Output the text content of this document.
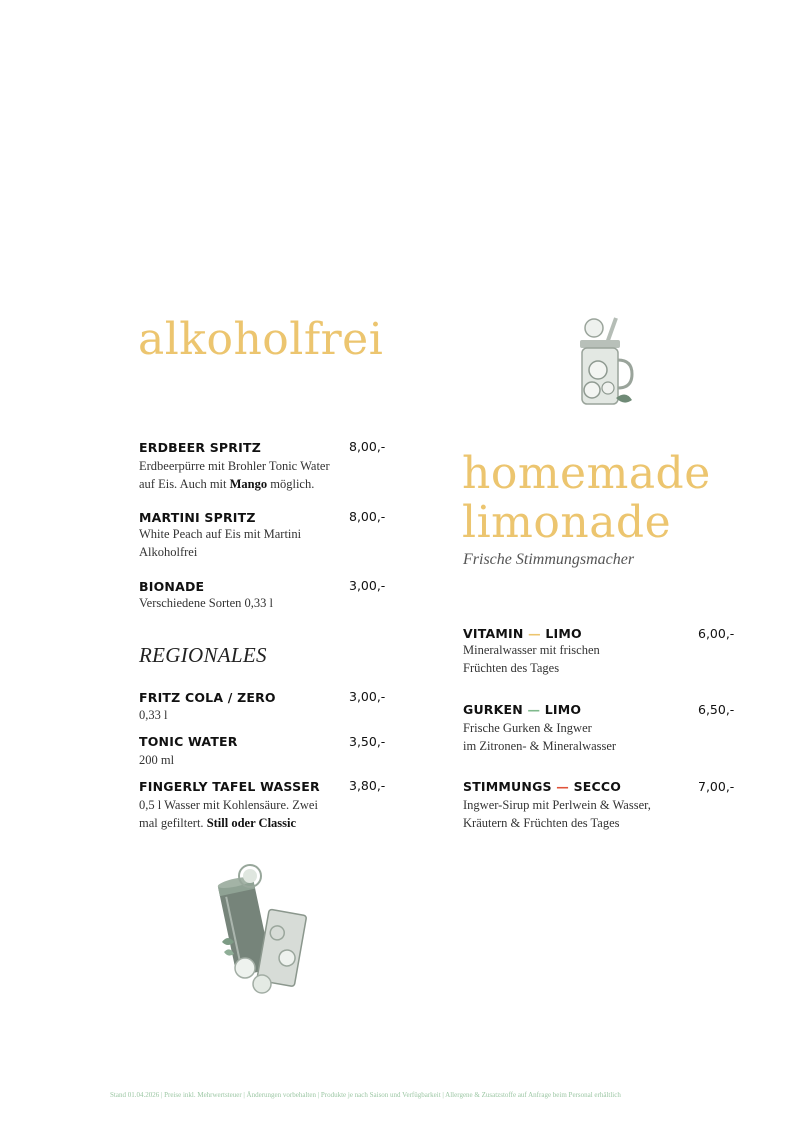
alkoholfrei
ERDBEER SPRITZ	8,00,-
Erdbeerpürre mit Brohler Tonic Water
auf Eis. Auch mit Mango möglich.
MARTINI SPRITZ	8,00,-
White Peach auf Eis mit Martini
Alkoholfrei
BIONADE	3,00,-
Verschiedene Sorten 0,33 l
REGIONALES
FRITZ COLA / ZERO	3,00,-
0,33 l
TONIC WATER	3,50,-
200 ml
FINGERLY TAFEL WASSER 3,80,-
0,5 l Wasser mit Kohlensäure. Zwei
mal gefiltert. Still oder Classic
homemade
limonade
Frische Stimmungsmacher
VITAMIN — LIMO	6,00,-
Mineralwasser mit frischen
Früchten des Tages
GURKEN — LIMO	6,50,-
Frische Gurken & Ingwer
im Zitronen- & Mineralwasser
STIMMUNGS — SECCO	7,00,-
Ingwer-Sirup mit Perlwein & Wasser,
Kräutern & Früchten des Tages
Stand 01.04.2026 | Preise inkl. Mehrwertsteuer | Änderungen vorbehalten | Produkte je nach Saison und Verfügbarkeit | Allergene & Zusatzstoffe auf Anfrage beim Personal erhältlich
